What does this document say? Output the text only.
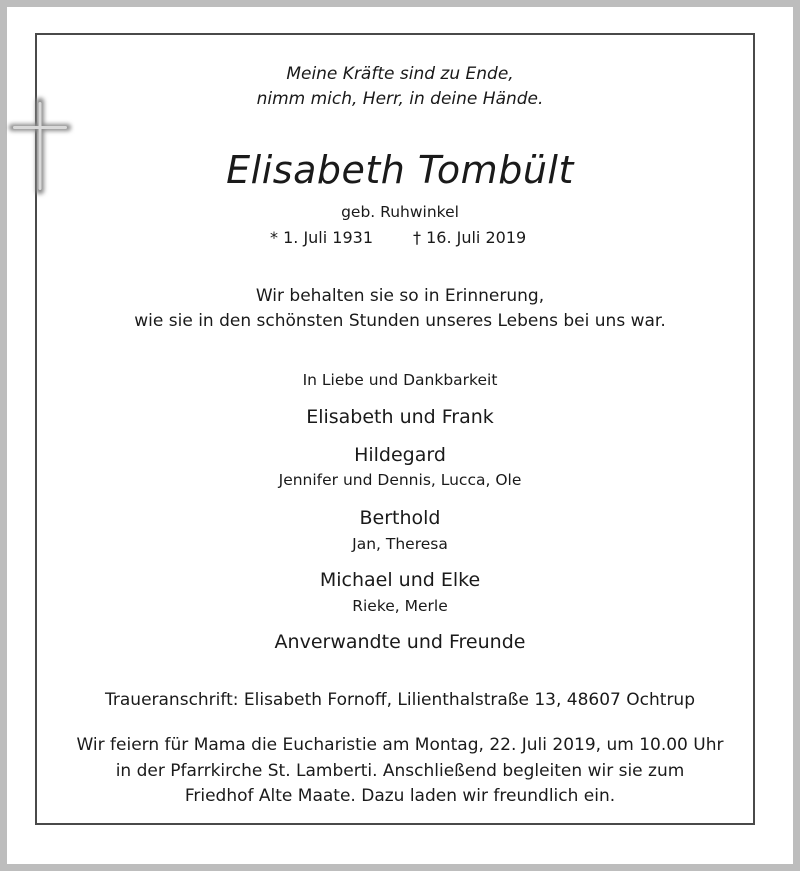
Meine Kräfte sind zu Ende,
nimm mich, Herr, in deine Hände.
Elisabeth Tombült
geb. Ruhwinkel
* 1. Juli 1931	† 16. Juli 2019
Wir behalten sie so in Erinnerung,
wie sie in den schönsten Stunden unseres Lebens bei uns war.
In Liebe und Dankbarkeit
Elisabeth und Frank
Hildegard
Jennifer und Dennis, Lucca, Ole
Berthold
Jan, Theresa
Michael und Elke
Rieke, Merle
Anverwandte und Freunde
Traueranschrift: Elisabeth Fornoff, Lilienthalstraße 13, 48607 Ochtrup
Wir feiern für Mama die Eucharistie am Montag, 22. Juli 2019, um 10.00 Uhr
in der Pfarrkirche St. Lamberti. Anschließend begleiten wir sie zum
Friedhof Alte Maate. Dazu laden wir freundlich ein.
